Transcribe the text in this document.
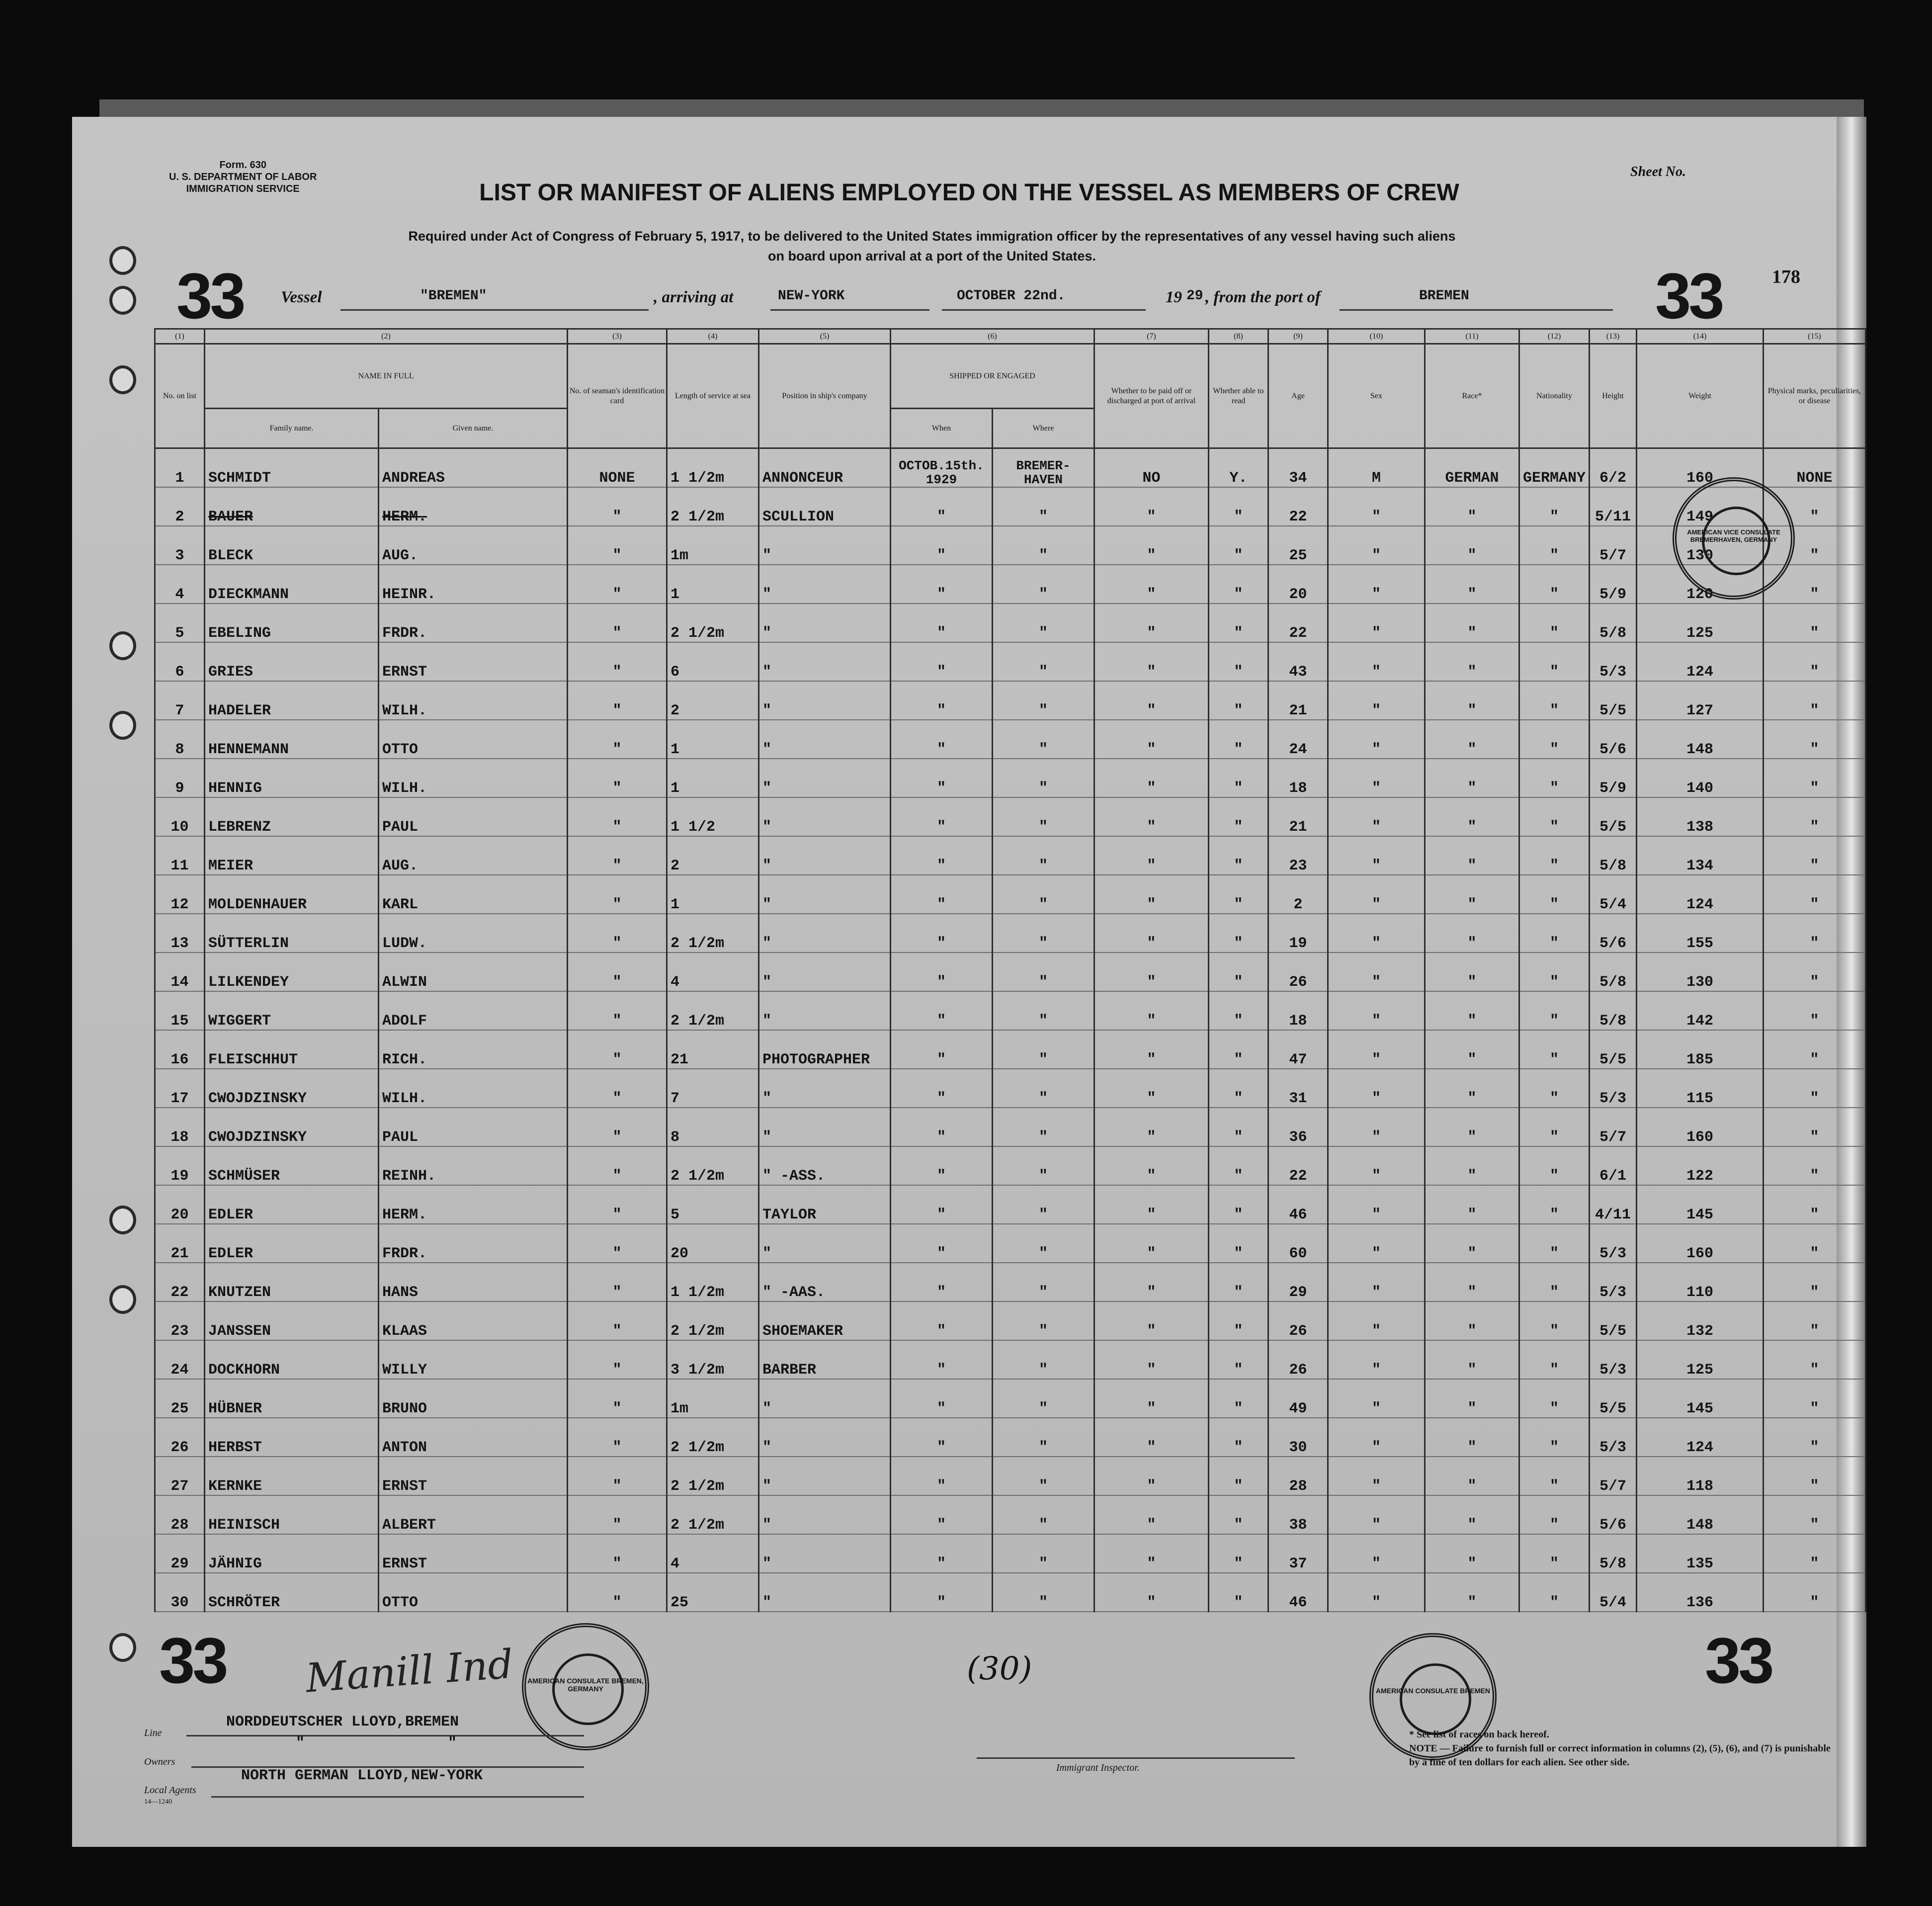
Form. 630
U. S. DEPARTMENT OF LABOR
IMMIGRATION SERVICE
Sheet No.
LIST OR MANIFEST OF ALIENS EMPLOYED ON THE VESSEL AS MEMBERS OF CREW
Required under Act of Congress of February 5, 1917, to be delivered to the United States immigration officer by the representatives of any vessel having such aliens
on board upon arrival at a port of the United States.
33	33	178
Vessel	"BREMEN"	, arriving at	NEW-YORK	OCTOBER 22nd.	19 29 , from the port of	BREMEN
(1)	(2)		(3)	(4)	(5)	(6)		(7)	(8)	(9)	(10)	(11)	(12)	(13)	(14)	(15)
No. on list	NAME IN FULL		No. of seaman's identification card	Length of service at sea	Position in ship's company	SHIPPED OR ENGAGED		Whether to be paid off or discharged at port of arrival	Whether able to read	Age	Sex	Race*	Nationality	Height	Weight	Physical marks, peculiarities, or disease
	Family name.	Given name.				When	Where									
1	SCHMIDT	ANDREAS	NONE	1 1/2m	ANNONCEUR	OCTOB.15th. 1929	BREMER- HAVEN	NO	Y.	34	M	GERMAN	GERMANY	6/2	160	NONE
2	BAUER	HERM.	"	2 1/2m	SCULLION	"	"	"	"	22	"	"	"	5/11	149	"
3	BLECK	AUG.	"	1m	"	"	"	"	"	25	"	"	"	5/7	130	"
4	DIECKMANN	HEINR.	"	1	"	"	"	"	"	20	"	"	"	5/9	120	"
5	EBELING	FRDR.	"	2 1/2m	"	"	"	"	"	22	"	"	"	5/8	125	"
6	GRIES	ERNST	"	6	"	"	"	"	"	43	"	"	"	5/3	124	"
7	HADELER	WILH.	"	2	"	"	"	"	"	21	"	"	"	5/5	127	"
8	HENNEMANN	OTTO	"	1	"	"	"	"	"	24	"	"	"	5/6	148	"
9	HENNIG	WILH.	"	1	"	"	"	"	"	18	"	"	"	5/9	140	"
10	LEBRENZ	PAUL	"	1 1/2	"	"	"	"	"	21	"	"	"	5/5	138	"
11	MEIER	AUG.	"	2	"	"	"	"	"	23	"	"	"	5/8	134	"
12	MOLDENHAUER	KARL	"	1	"	"	"	"	"	2	"	"	"	5/4	124	"
13	SÜTTERLIN	LUDW.	"	2 1/2m	"	"	"	"	"	19	"	"	"	5/6	155	"
14	LILKENDEY	ALWIN	"	4	"	"	"	"	"	26	"	"	"	5/8	130	"
15	WIGGERT	ADOLF	"	2 1/2m	"	"	"	"	"	18	"	"	"	5/8	142	"
16	FLEISCHHUT	RICH.	"	21	PHOTOGRAPHER	"	"	"	"	47	"	"	"	5/5	185	"
17	CWOJDZINSKY	WILH.	"	7	"	"	"	"	"	31	"	"	"	5/3	115	"
18	CWOJDZINSKY	PAUL	"	8	"	"	"	"	"	36	"	"	"	5/7	160	"
19	SCHMÜSER	REINH.	"	2 1/2m	" -ASS.	"	"	"	"	22	"	"	"	6/1	122	"
20	EDLER	HERM.	"	5	TAYLOR	"	"	"	"	46	"	"	"	4/11	145	"
21	EDLER	FRDR.	"	20	"	"	"	"	"	60	"	"	"	5/3	160	"
22	KNUTZEN	HANS	"	1 1/2m	" -AAS.	"	"	"	"	29	"	"	"	5/3	110	"
23	JANSSEN	KLAAS	"	2 1/2m	SHOEMAKER	"	"	"	"	26	"	"	"	5/5	132	"
24	DOCKHORN	WILLY	"	3 1/2m	BARBER	"	"	"	"	26	"	"	"	5/3	125	"
25	HÜBNER	BRUNO	"	1m	"	"	"	"	"	49	"	"	"	5/5	145	"
26	HERBST	ANTON	"	2 1/2m	"	"	"	"	"	30	"	"	"	5/3	124	"
27	KERNKE	ERNST	"	2 1/2m	"	"	"	"	"	28	"	"	"	5/7	118	"
28	HEINISCH	ALBERT	"	2 1/2m	"	"	"	"	"	38	"	"	"	5/6	148	"
29	JÄHNIG	ERNST	"	4	"	"	"	"	"	37	"	"	"	5/8	135	"
30	SCHRÖTER	OTTO	"	25	"	"	"	"	"	46	"	"	"	5/4	136	"
33	33
Manill Ind	(30)
AMERICAN CONSULATE BREMEN, GERMANY	AMERICAN CONSULATE BREMEN
AMERICAN VICE CONSULATE BREMERHAVEN, GERMANY
Line
NORDDEUTSCHER LLOYD,BREMEN
Owners
"                "
Local Agents
NORTH GERMAN LLOYD,NEW-YORK
14—1240
Immigrant Inspector.
* See list of races on back hereof.
NOTE — Failure to furnish full or correct information in columns (2), (5), (6), and (7) is punishable by a fine of ten dollars for each alien. See other side.
